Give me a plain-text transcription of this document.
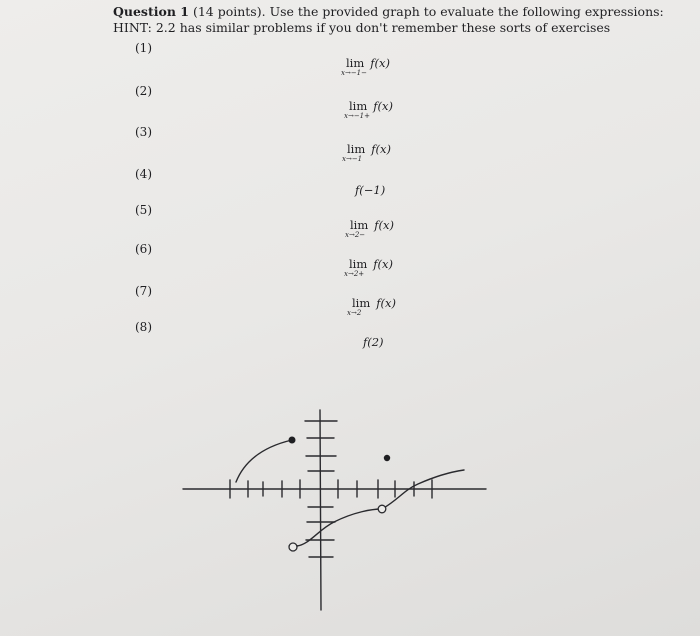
Question 1 (14 points). Use the provided graph to evaluate the following expressions:
HINT: 2.2 has similar problems if you don't remember these sorts of exercises
(1)
(2)
(3)
(4)
(5)
(6)
(7)
(8)
lim
x→−1−
f(x)
lim
x→−1+
f(x)
lim
x→−1
f(x)
f(−1)
lim
x→2−
f(x)
lim
x→2+
f(x)
lim
x→2
f(x)
f(2)
